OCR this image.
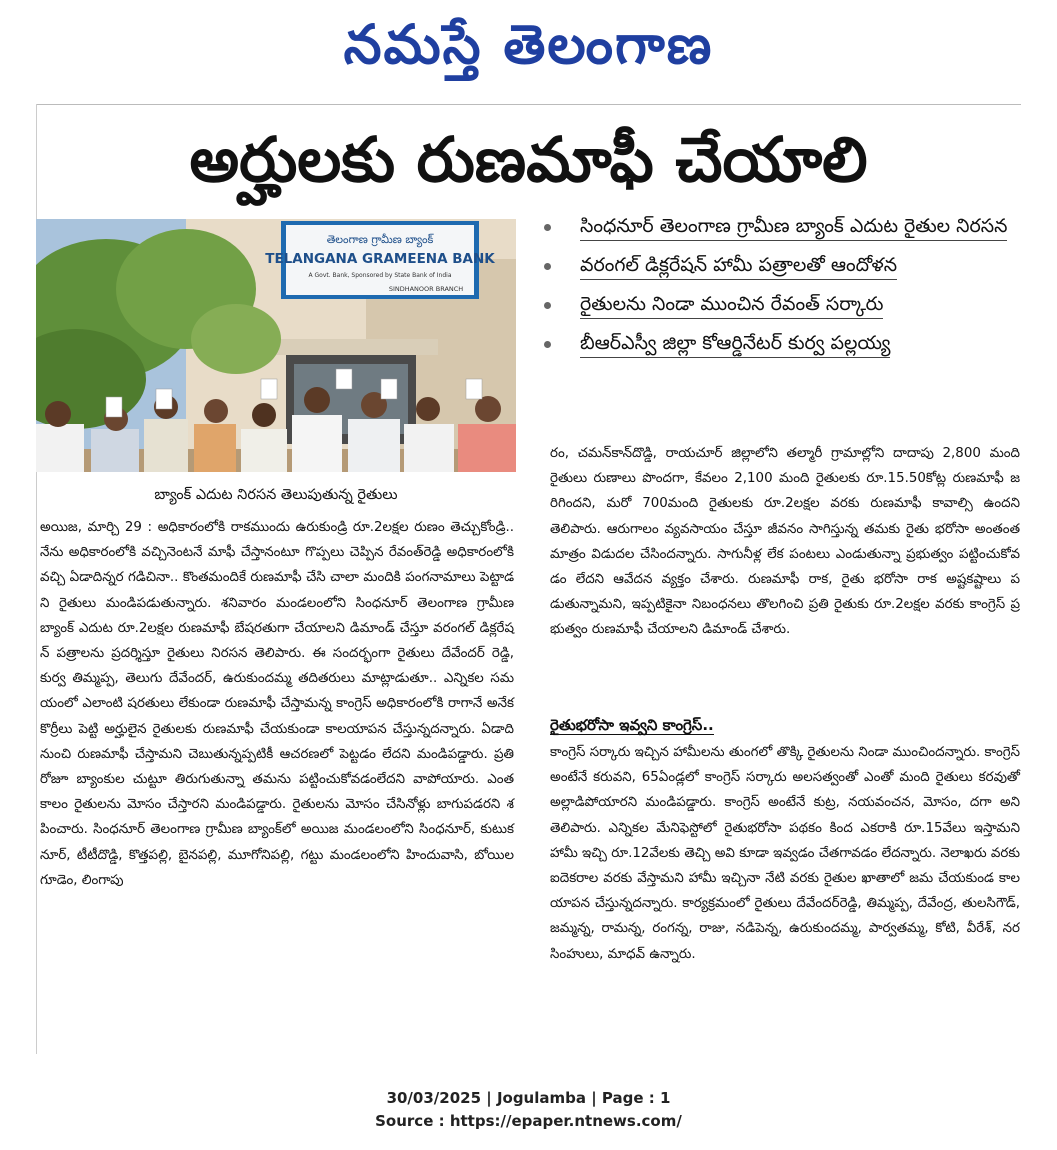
నమస్తే తెలంగాణ
అర్హులకు రుణమాఫీ చేయాలి
తెలంగాణ గ్రామీణ బ్యాంక్
TELANGANA GRAMEENA BANK
A Govt. Bank, Sponsored by State Bank of India
SINDHANOOR BRANCH
బ్యాంక్ ఎదుట నిరసన తెలుపుతున్న రైతులు
సింధనూర్ తెలంగాణ గ్రామీణ బ్యాంక్ ఎదుట రైతుల నిరసన
వరంగల్ డిక్లరేషన్ హామీ పత్రాలతో ఆందోళన
రైతులను నిండా ముంచిన రేవంత్ సర్కారు
బీఆర్ఎస్వీ జిల్లా కోఆర్డినేటర్ కుర్వ పల్లయ్య
అయిజ, మార్చి 29 : అధికారంలోకి రాకముందు ఉరుకుండ్రి రూ.2లక్షల రుణం తెచ్చుకోండ్రి.. నేను అధికారంలోకి వచ్చినెంటనే మాఫీ చేస్తానంటూ గొప్పలు చెప్పిన రేవంత్‌రెడ్డి అధికారంలోకి వచ్చి ఏడాదిన్నర గడిచినా.. కొంతమందికే రుణమాఫీ చేసి చాలా మందికి పంగనామాలు పెట్టాడని రైతులు మండిపడుతున్నారు. శనివారం మండలంలోని సింధనూర్ తెలంగాణ గ్రామీణ బ్యాంక్ ఎదుట రూ.2లక్షల రుణమాఫీ బేషరతుగా చేయాలని డిమాండ్ చేస్తూ వరంగల్ డిక్లరేషన్ పత్రాలను ప్రదర్శిస్తూ రైతులు నిరసన తెలిపారు. ఈ సందర్భంగా రైతులు దేవేందర్ రెడ్డి, కుర్వ తిమ్మప్ప, తెలుగు దేవేందర్, ఉరుకుందమ్మ తదితరులు మాట్లాడుతూ.. ఎన్నికల సమయంలో ఎలాంటి షరతులు లేకుండా రుణమాఫీ చేస్తామన్న కాంగ్రెస్ అధికారంలోకి రాగానే అనేక కొర్రీలు పెట్టి అర్హులైన రైతులకు రుణమాఫీ చేయకుండా కాలయాపన చేస్తున్నదన్నారు. ఏడాది నుంచి రుణమాఫీ చేస్తామని చెబుతున్నప్పటికీ ఆచరణలో పెట్టడం లేదని మండిపడ్డారు. ప్రతి రోజూ బ్యాంకుల చుట్టూ తిరుగుతున్నా తమను పట్టించుకోవడంలేదని వాపోయారు. ఎంతకాలం రైతులను మోసం చేస్తారని మండిపడ్డారు. రైతులను మోసం చేసినోళ్లు బాగుపడరని శపించారు. సింధనూర్ తెలంగాణ గ్రామీణ బ్యాంక్‌లో అయిజ మండలంలోని సింధనూర్, కుటుకనూర్, టీటీదొడ్డి, కొత్తపల్లి, బైనపల్లి, మూగోనిపల్లి, గట్టు మండలంలోని హిందువాసి, బోయిలగూడెం, లింగాపు
రం, చమన్‌కాన్‌దొడ్డి, రాయచూర్ జిల్లాలోని తల్మారీ గ్రామాల్లోని దాదాపు 2,800 మంది రైతులు రుణాలు పొందగా, కేవలం 2,100 మంది రైతులకు రూ.15.50కోట్ల రుణమాఫీ జరిగిందని, మరో 700మంది రైతులకు రూ.2లక్షల వరకు రుణమాఫీ కావాల్సి ఉందని తెలిపారు. ఆరుగాలం వ్యవసాయం చేస్తూ జీవనం సాగిస్తున్న తమకు రైతు భరోసా అంతంత మాత్రం విడుదల చేసిందన్నారు. సాగునీళ్ల లేక పంటలు ఎండుతున్నా ప్రభుత్వం పట్టించుకోవడం లేదని ఆవేదన వ్యక్తం చేశారు. రుణమాఫీ రాక, రైతు భరోసా రాక అష్టకష్టాలు పడుతున్నామని, ఇప్పటికైనా నిబంధనలు తొలగించి ప్రతి రైతుకు రూ.2లక్షల వరకు కాంగ్రెస్ ప్రభుత్వం రుణమాఫీ చేయాలని డిమాండ్ చేశారు.
రైతుభరోసా ఇవ్వని కాంగ్రెస్..
కాంగ్రెస్ సర్కారు ఇచ్చిన హామీలను తుంగలో తొక్కి రైతులను నిండా ముంచిందన్నారు. కాంగ్రెస్ అంటేనే కరువని, 65ఏండ్లలో కాంగ్రెస్ సర్కారు అలసత్వంతో ఎంతో మంది రైతులు కరవుతో అల్లాడిపోయారని మండిపడ్డారు. కాంగ్రెస్ అంటేనే కుట్ర, నయవంచన, మోసం, దగా అని తెలిపారు. ఎన్నికల మేనిఫెస్టోలో రైతుభరోసా పథకం కింద ఎకరాకి రూ.15వేలు ఇస్తామని హామీ ఇచ్చి రూ.12వేలకు తెచ్చి అవి కూడా ఇవ్వడం చేతగావడం లేదన్నారు. నెలాఖరు వరకు ఐదెకరాల వరకు వేస్తామని హామీ ఇచ్చినా నేటి వరకు రైతుల ఖాతాలో జమ చేయకుండ కాలయాపన చేస్తున్నదన్నారు. కార్యక్రమంలో రైతులు దేవేందర్‌రెడ్డి, తిమ్మప్ప, దేవేంద్ర, తులసిగౌడ్, జమ్మన్న, రామన్న, రంగన్న, రాజు, నడిపెన్న, ఉరుకుందమ్మ, పార్వతమ్మ, కోటి, వీరేశ్, నరసింహులు, మాధవ్ ఉన్నారు.
30/03/2025 | Jogulamba | Page : 1
Source : https://epaper.ntnews.com/
